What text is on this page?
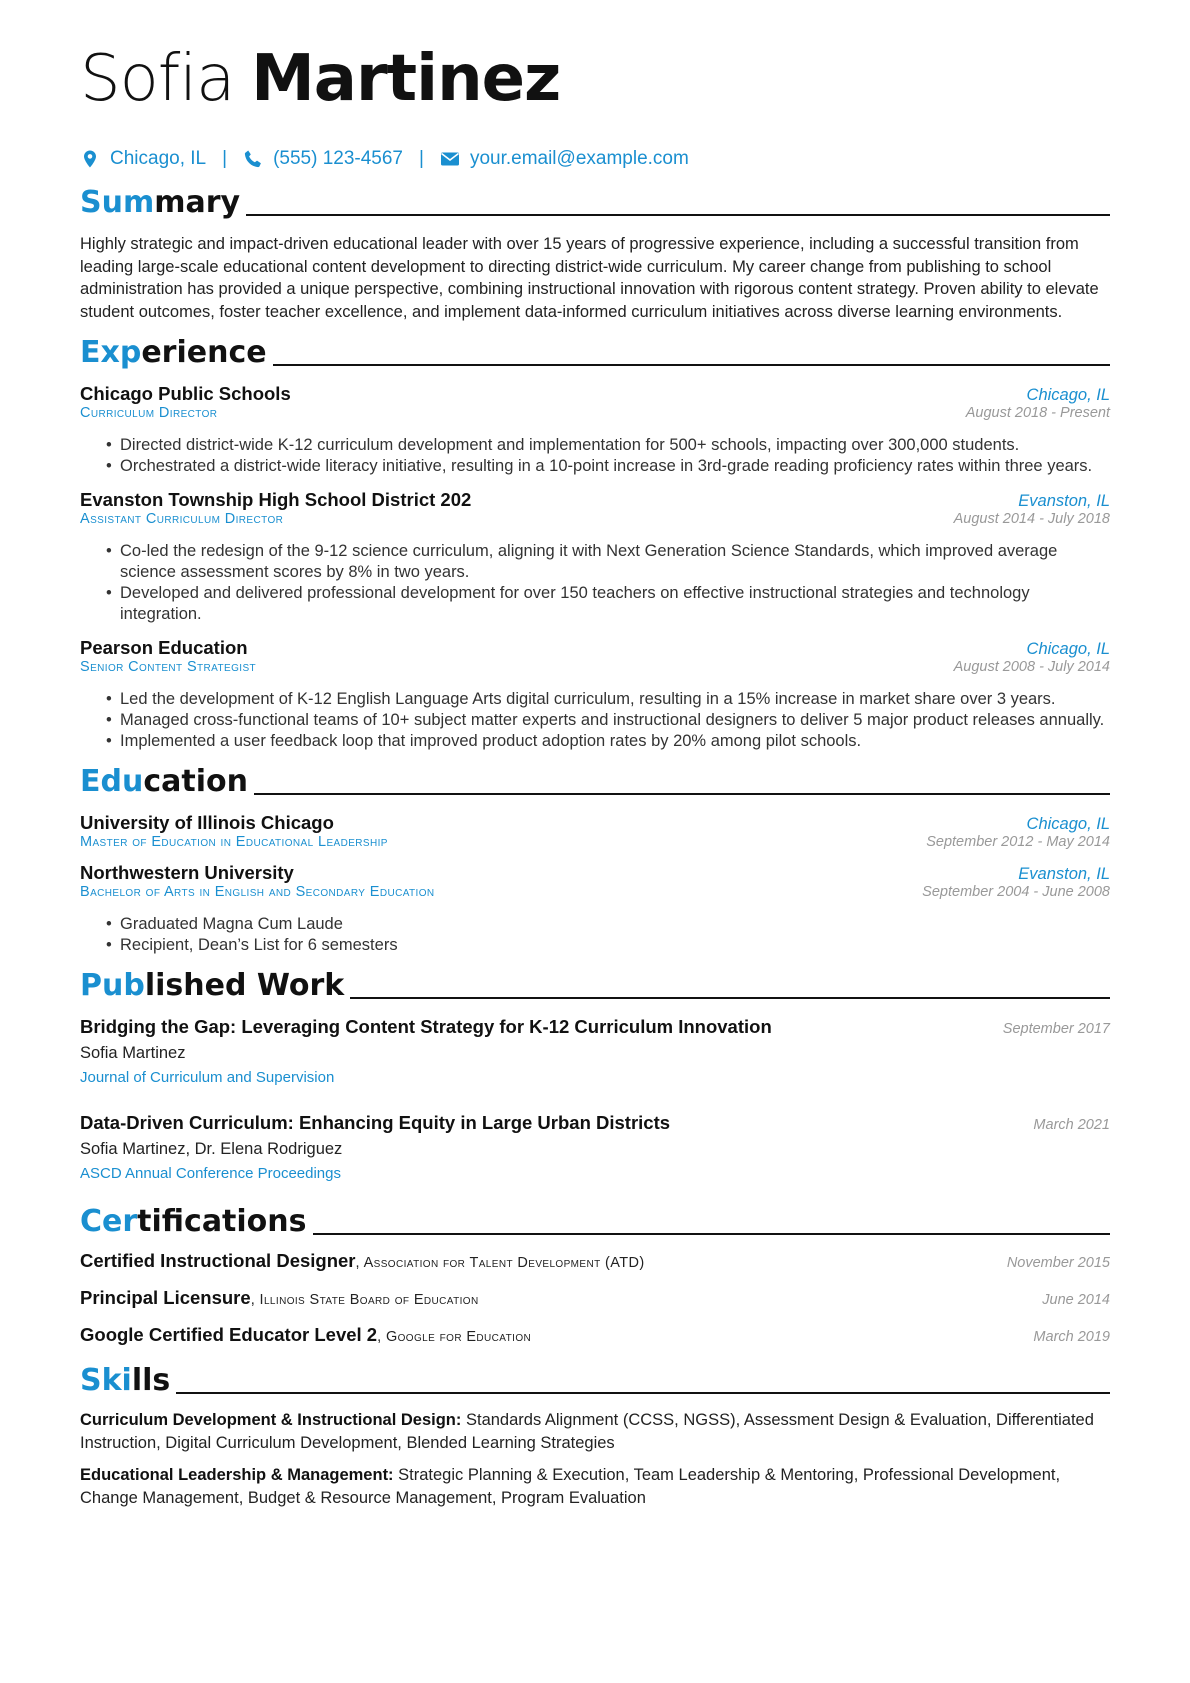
Sofia Martinez
Chicago, IL | (555) 123-4567 | your.email@example.com
Summary

Highly strategic and impact-driven educational leader with over 15 years of progressive experience, including a successful transition from leading large-scale educational content development to directing district-wide curriculum. My career change from publishing to school administration has provided a unique perspective, combining instructional innovation with rigorous content strategy. Proven ability to elevate student outcomes, foster teacher excellence, and implement data-informed curriculum initiatives across diverse learning environments.

Experience
Chicago Public Schools	Chicago, IL
Curriculum Director	August 2018 - Present
• Directed district-wide K-12 curriculum development and implementation for 500+ schools, impacting over 300,000 students.
• Orchestrated a district-wide literacy initiative, resulting in a 10-point increase in 3rd-grade reading proficiency rates within three years.
Evanston Township High School District 202	Evanston, IL
Assistant Curriculum Director	August 2014 - July 2018
• Co-led the redesign of the 9-12 science curriculum, aligning it with Next Generation Science Standards, which improved average science assessment scores by 8% in two years.
• Developed and delivered professional development for over 150 teachers on effective instructional strategies and technology integration.
Pearson Education	Chicago, IL
Senior Content Strategist	August 2008 - July 2014
• Led the development of K-12 English Language Arts digital curriculum, resulting in a 15% increase in market share over 3 years.
• Managed cross-functional teams of 10+ subject matter experts and instructional designers to deliver 5 major product releases annually.
• Implemented a user feedback loop that improved product adoption rates by 20% among pilot schools.
Education
University of Illinois Chicago	Chicago, IL
Master of Education in Educational Leadership	September 2012 - May 2014
Northwestern University	Evanston, IL
Bachelor of Arts in English and Secondary Education	September 2004 - June 2008
• Graduated Magna Cum Laude
• Recipient, Dean’s List for 6 semesters
Published Work
Bridging the Gap: Leveraging Content Strategy for K-12 Curriculum Innovation	September 2017
Sofia Martinez
Journal of Curriculum and Supervision
Data-Driven Curriculum: Enhancing Equity in Large Urban Districts	March 2021
Sofia Martinez, Dr. Elena Rodriguez
ASCD Annual Conference Proceedings
Certifications
Certified Instructional Designer, Association for Talent Development (ATD)	November 2015
Principal Licensure, Illinois State Board of Education	June 2014
Google Certified Educator Level 2, Google for Education	March 2019
Skills

Curriculum Development & Instructional Design: Standards Alignment (CCSS, NGSS), Assessment Design & Evaluation, Differentiated Instruction, Digital Curriculum Development, Blended Learning Strategies

Educational Leadership & Management: Strategic Planning & Execution, Team Leadership & Mentoring, Professional Development, Change Management, Budget & Resource Management, Program Evaluation
